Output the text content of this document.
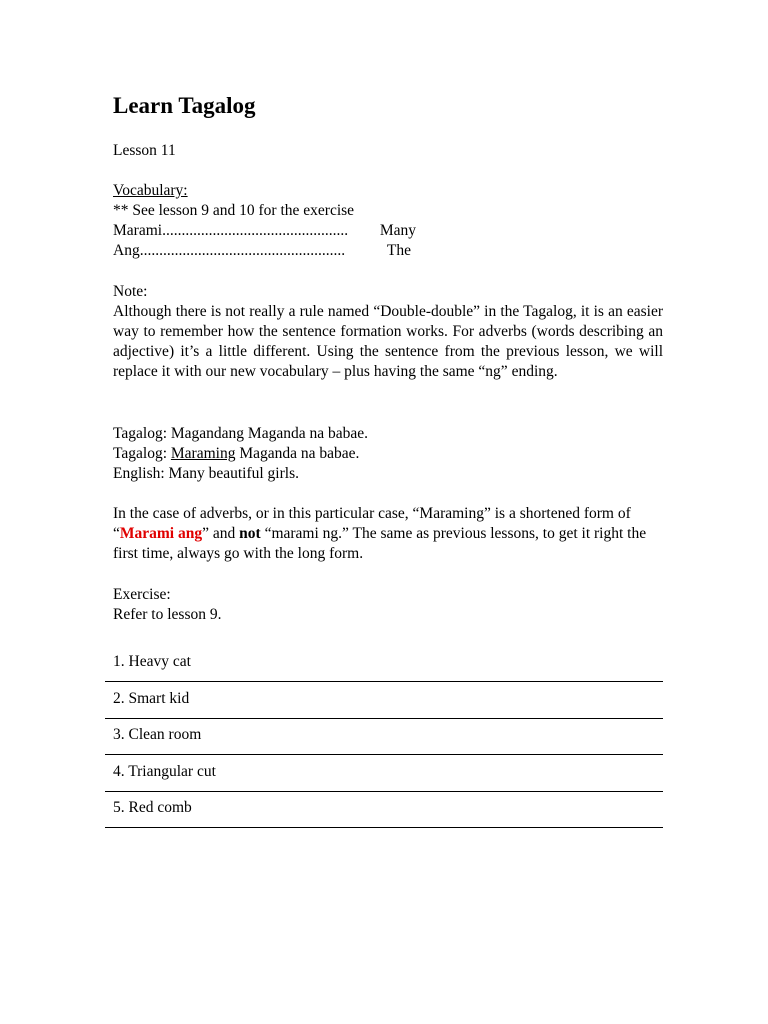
Learn Tagalog

Lesson 11

Vocabulary:

** See lesson 9 and 10 for the exercise

Marami ................................................	Many
Ang .....................................................	The

Note:

Although there is not really a rule named “Double-double” in the Tagalog, it is an easier way to remember how the sentence formation works. For adverbs (words describing an adjective) it’s a little different. Using the sentence from the previous lesson, we will replace it with our new vocabulary – plus having the same “ng” ending.

Tagalog: Magandang Maganda na babae.

Tagalog: Maraming Maganda na babae.

English: Many beautiful girls.

In the case of adverbs, or in this particular case, “Maraming” is a shortened form of “Marami ang” and not “marami ng.” The same as previous lessons, to get it right the first time, always go with the long form.

Exercise:

Refer to lesson 9.

1. Heavy cat
2. Smart kid
3. Clean room
4. Triangular cut
5. Red comb
